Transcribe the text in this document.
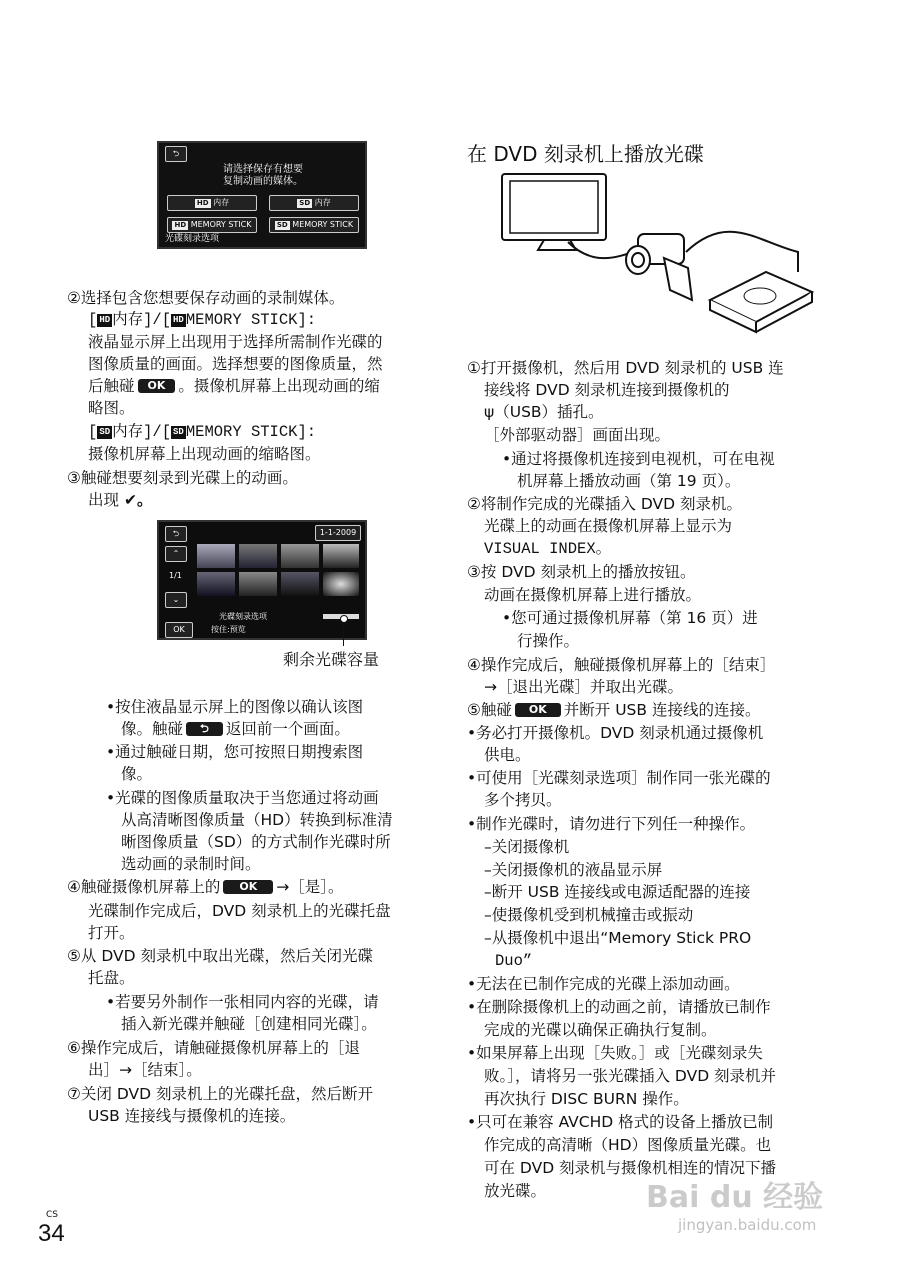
⮌
请选择保存有想要
复制动画的媒体。
HD 内存	SD 内存
HD MEMORY STICK	SD MEMORY STICK
光碟刻录选项
②选择包含您想要保存动画的录制媒体。
[ HD 内存]/[ HD MEMORY STICK]:
液晶显示屏上出现用于选择所需制作光碟的
图像质量的画面。选择想要的图像质量，然
后触碰 OK 。摄像机屏幕上出现动画的缩
略图。
[ SD 内存]/[ SD MEMORY STICK]:
摄像机屏幕上出现动画的缩略图。
③触碰想要刻录到光碟上的动画。
出现 ✔。
⮌	1-1-2009
⌃
1/1
⌄
光碟刻录选项
OK	按住:预览
剩余光碟容量
•按住液晶显示屏上的图像以确认该图
像。触碰 ⮌ 返回前一个画面。
•通过触碰日期，您可按照日期搜索图
像。
•光碟的图像质量取决于当您通过将动画
从高清晰图像质量（HD）转换到标准清
晰图像质量（SD）的方式制作光碟时所
选动画的录制时间。
④触碰摄像机屏幕上的 OK →［是］。
光碟制作完成后，DVD 刻录机上的光碟托盘
打开。
⑤从 DVD 刻录机中取出光碟，然后关闭光碟
托盘。
•若要另外制作一张相同内容的光碟，请
插入新光碟并触碰［创建相同光碟］。
⑥操作完成后，请触碰摄像机屏幕上的［退
出］→［结束］。
⑦关闭 DVD 刻录机上的光碟托盘，然后断开
USB 连接线与摄像机的连接。
在 DVD 刻录机上播放光碟
①打开摄像机，然后用 DVD 刻录机的 USB 连
接线将 DVD 刻录机连接到摄像机的
ψ（USB）插孔。
［外部驱动器］画面出现。
•通过将摄像机连接到电视机，可在电视
机屏幕上播放动画（第 19 页）。
②将制作完成的光碟插入 DVD 刻录机。
光碟上的动画在摄像机屏幕上显示为
VISUAL INDEX。
③按 DVD 刻录机上的播放按钮。
动画在摄像机屏幕上进行播放。
•您可通过摄像机屏幕（第 16 页）进
行操作。
④操作完成后，触碰摄像机屏幕上的［结束］
→［退出光碟］并取出光碟。
⑤触碰 OK 并断开 USB 连接线的连接。
•务必打开摄像机。DVD 刻录机通过摄像机
供电。
•可使用［光碟刻录选项］制作同一张光碟的
多个拷贝。
•制作光碟时，请勿进行下列任一种操作。
–关闭摄像机
–关闭摄像机的液晶显示屏
–断开 USB 连接线或电源适配器的连接
–使摄像机受到机械撞击或振动
–从摄像机中退出“Memory Stick PRO
Duo”
•无法在已制作完成的光碟上添加动画。
•在删除摄像机上的动画之前，请播放已制作
完成的光碟以确保正确执行复制。
•如果屏幕上出现［失败。］或［光碟刻录失
败。］，请将另一张光碟插入 DVD 刻录机并
再次执行 DISC BURN 操作。
•只可在兼容 AVCHD 格式的设备上播放已制
作完成的高清晰（HD）图像质量光碟。也
可在 DVD 刻录机与摄像机相连的情况下播
放光碟。
CS
34
Bai du 经验
jingyan.baidu.com
